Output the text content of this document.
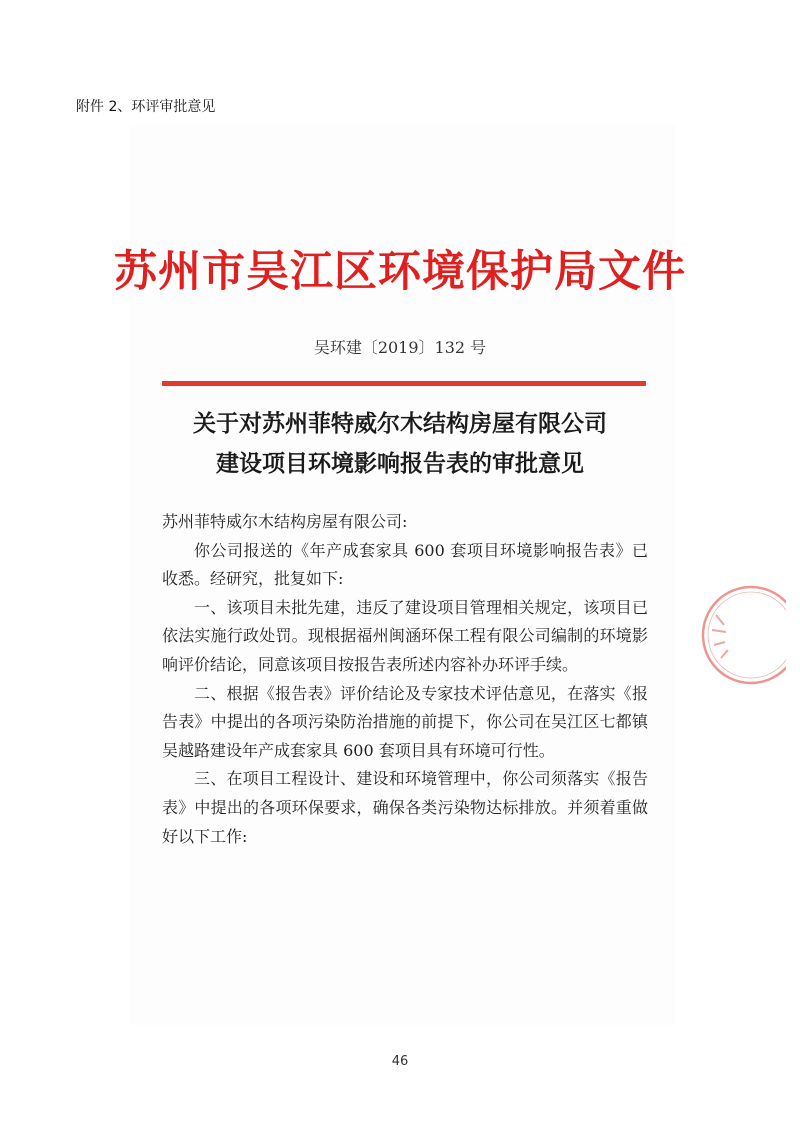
附件 2、环评审批意见
苏州市吴江区环境保护局文件
吴环建〔2019〕132 号
关于对苏州菲特威尔木结构房屋有限公司
建设项目环境影响报告表的审批意见

苏州菲特威尔木结构房屋有限公司:

你公司报送的《年产成套家具 600 套项目环境影响报告表》已收悉。经研究，批复如下:

一、该项目未批先建，违反了建设项目管理相关规定，该项目已依法实施行政处罚。现根据福州闽涵环保工程有限公司编制的环境影响评价结论，同意该项目按报告表所述内容补办环评手续。

二、根据《报告表》评价结论及专家技术评估意见，在落实《报告表》中提出的各项污染防治措施的前提下，你公司在吴江区七都镇吴越路建设年产成套家具 600 套项目具有环境可行性。

三、在项目工程设计、建设和环境管理中，你公司须落实《报告表》中提出的各项环保要求，确保各类污染物达标排放。并须着重做好以下工作:

46
